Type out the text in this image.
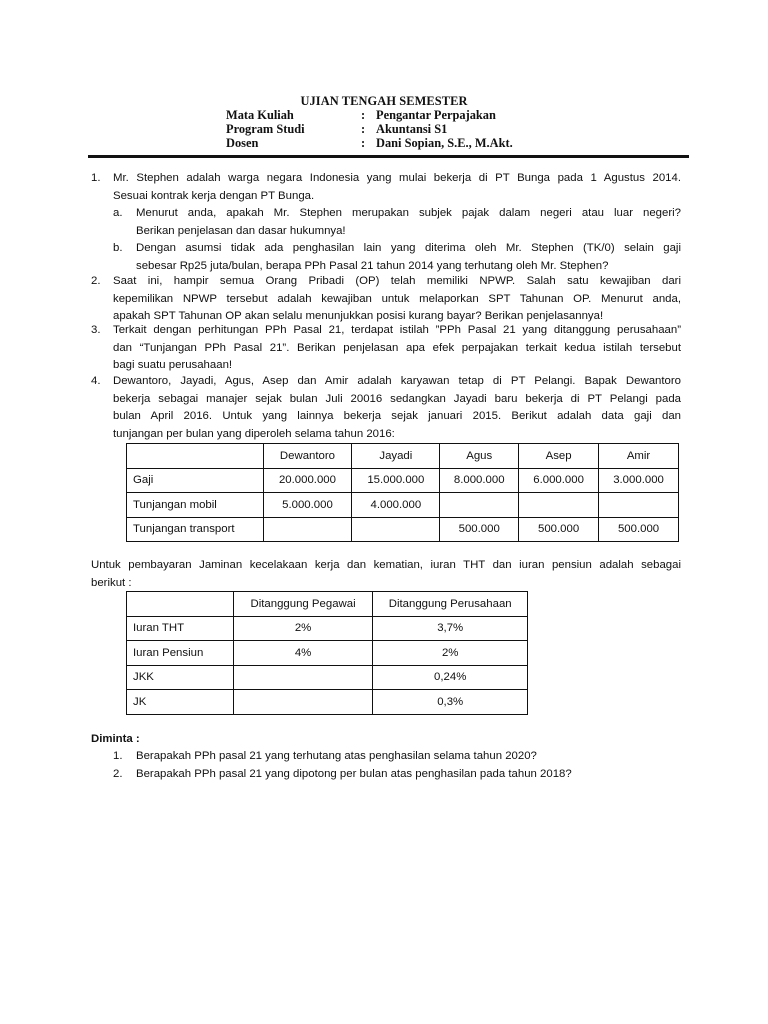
UJIAN TENGAH SEMESTER
Mata Kuliah	: Pengantar Perpajakan
Program Studi	: Akuntansi S1
Dosen	: Dani Sopian, S.E., M.Akt.
1. Mr. Stephen adalah warga negara Indonesia yang mulai bekerja di PT Bunga pada 1 Agustus 2014.
Sesuai kontrak kerja dengan PT Bunga.
a. Menurut anda, apakah Mr. Stephen merupakan subjek pajak dalam negeri atau luar negeri?
Berikan penjelasan dan dasar hukumnya!
b. Dengan asumsi tidak ada penghasilan lain yang diterima oleh Mr. Stephen (TK/0) selain gaji
sebesar Rp25 juta/bulan, berapa PPh Pasal 21 tahun 2014 yang terhutang oleh Mr. Stephen?
2. Saat ini, hampir semua Orang Pribadi (OP) telah memiliki NPWP. Salah satu kewajiban dari
kepemilikan NPWP tersebut adalah kewajiban untuk melaporkan SPT Tahunan OP. Menurut anda,
apakah SPT Tahunan OP akan selalu menunjukkan posisi kurang bayar? Berikan penjelasannya!
3. Terkait dengan perhitungan PPh Pasal 21, terdapat istilah ”PPh Pasal 21 yang ditanggung perusahaan”
dan “Tunjangan PPh Pasal 21”. Berikan penjelasan apa efek perpajakan terkait kedua istilah tersebut
bagi suatu perusahaan!
4. Dewantoro, Jayadi, Agus, Asep dan Amir adalah karyawan tetap di PT Pelangi. Bapak Dewantoro
bekerja sebagai manajer sejak bulan Juli 20016 sedangkan Jayadi baru bekerja di PT Pelangi pada
bulan April 2016. Untuk yang lainnya bekerja sejak januari 2015. Berikut adalah data gaji dan
tunjangan per bulan yang diperoleh selama tahun 2016:
	Dewantoro	Jayadi	Agus	Asep	Amir
Gaji	20.000.000	15.000.000	8.000.000	6.000.000	3.000.000
Tunjangan mobil	5.000.000	4.000.000			
Tunjangan transport			500.000	500.000	500.000
Untuk pembayaran Jaminan kecelakaan kerja dan kematian, iuran THT dan iuran pensiun adalah sebagai
berikut :
	Ditanggung Pegawai	Ditanggung Perusahaan
Iuran THT	2%	3,7%
Iuran Pensiun	4%	2%
JKK		0,24%
JK		0,3%
Diminta :
1. Berapakah PPh pasal 21 yang terhutang atas penghasilan selama tahun 2020?
2. Berapakah PPh pasal 21 yang dipotong per bulan atas penghasilan pada tahun 2018?
